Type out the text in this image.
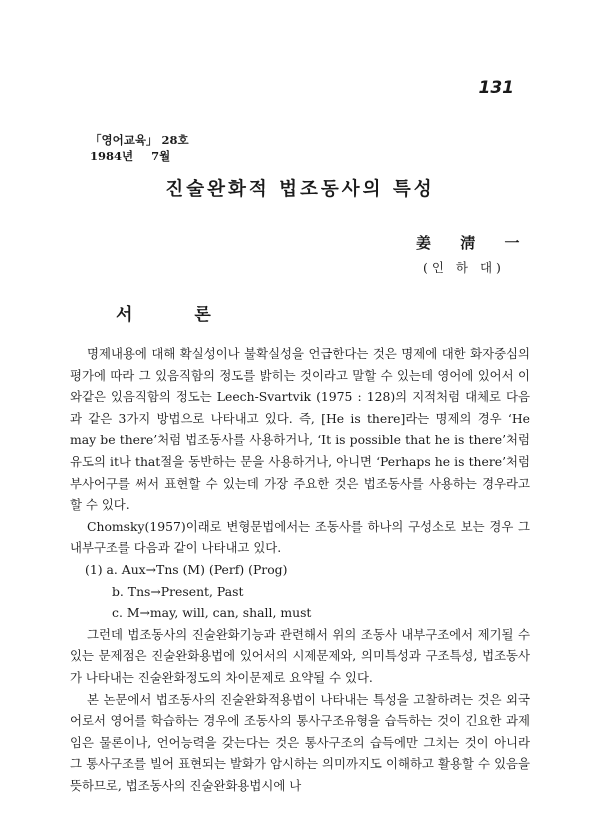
131
「영어교육」 28호
1984년 7월
진술완화적 법조동사의 특성
姜 淸 一
(인 하 대)
서 론

명제내용에 대해 확실성이나 불확실성을 언급한다는 것은 명제에 대한 화자중심의 평가에 따라 그 있음직함의 정도를 밝히는 것이라고 말할 수 있는데 영어에 있어서 이와같은 있음직함의 정도는 Leech-Svartvik (1975 : 128)의 지적처럼 대체로 다음과 같은 3가지 방법으로 나타내고 있다. 즉, [He is there]라는 명제의 경우 ‘He may be there’처럼 법조동사를 사용하거나, ‘It is possible that he is there’처럼 유도의 it나 that절을 동반하는 문을 사용하거나, 아니면 ‘Perhaps he is there’처럼 부사어구를 써서 표현할 수 있는데 가장 주요한 것은 법조동사를 사용하는 경우라고 할 수 있다.

Chomsky(1957)이래로 변형문법에서는 조동사를 하나의 구성소로 보는 경우 그 내부구조를 다음과 같이 나타내고 있다.

(1) a. Aux→Tns (M) (Perf) (Prog)

b. Tns→Present, Past

c. M→may, will, can, shall, must

그런데 법조동사의 진술완화기능과 관련해서 위의 조동사 내부구조에서 제기될 수 있는 문제점은 진술완화용법에 있어서의 시제문제와, 의미특성과 구조특성, 법조동사가 나타내는 진술완화정도의 차이문제로 요약될 수 있다.

본 논문에서 법조동사의 진술완화적용법이 나타내는 특성을 고찰하려는 것은 외국어로서 영어를 학습하는 경우에 조동사의 통사구조유형을 습득하는 것이 긴요한 과제임은 물론이나, 언어능력을 갖는다는 것은 통사구조의 습득에만 그치는 것이 아니라 그 통사구조를 빌어 표현되는 발화가 암시하는 의미까지도 이해하고 활용할 수 있음을 뜻하므로, 법조동사의 진술완화용법시에 나
